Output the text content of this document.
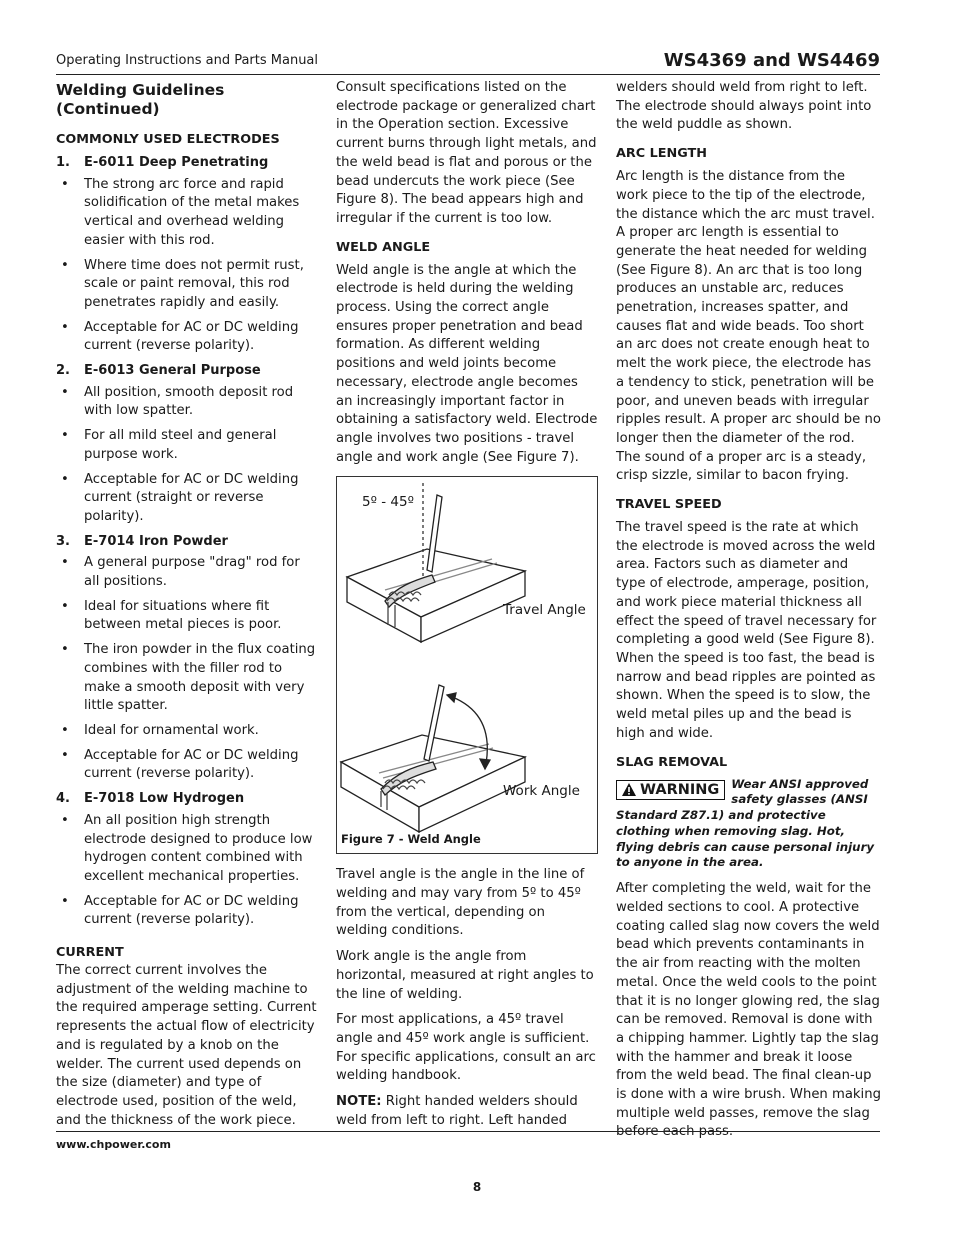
Operating Instructions and Parts Manual	WS4369 and WS4469
Welding Guidelines (Continued)
COMMONLY USED ELECTRODES
1.	E-6011 Deep Penetrating
• The strong arc force and rapid solidification of the metal makes vertical and overhead welding easier with this rod.
• Where time does not permit rust, scale or paint removal, this rod penetrates rapidly and easily.
• Acceptable for AC or DC welding current (reverse polarity).
2.	E-6013 General Purpose
• All position, smooth deposit rod with low spatter.
• For all mild steel and general purpose work.
• Acceptable for AC or DC welding current (straight or reverse polarity).
3.	E-7014 Iron Powder
• A general purpose "drag" rod for all positions.
• Ideal for situations where fit between metal pieces is poor.
• The iron powder in the flux coating combines with the filler rod to make a smooth deposit with very little spatter.
• Ideal for ornamental work.
• Acceptable for AC or DC welding current (reverse polarity).
4.	E-7018 Low Hydrogen
• An all position high strength electrode designed to produce low hydrogen content combined with excellent mechanical properties.
• Acceptable for AC or DC welding current (reverse polarity).
CURRENT

The correct current involves the adjustment of the welding machine to the required amperage setting. Current represents the actual flow of electricity and is regulated by a knob on the welder. The current used depends on the size (diameter) and type of electrode used, position of the weld, and the thickness of the work piece.

Consult specifications listed on the electrode package or generalized chart in the Operation section. Excessive current burns through light metals, and the weld bead is flat and porous or the bead undercuts the work piece (See Figure 8). The bead appears high and irregular if the current is too low.

WELD ANGLE

Weld angle is the angle at which the electrode is held during the welding process. Using the correct angle ensures proper penetration and bead formation. As different welding positions and weld joints become necessary, electrode angle becomes an increasingly important factor in obtaining a satisfactory weld. Electrode angle involves two positions - travel angle and work angle (See Figure 7).

5º - 45º
Travel Angle
Work Angle
Figure 7 - Weld Angle

Travel angle is the angle in the line of welding and may vary from 5º to 45º from the vertical, depending on welding conditions.

Work angle is the angle from horizontal, measured at right angles to the line of welding.

For most applications, a 45º travel angle and 45º work angle is sufficient. For specific applications, consult an arc welding handbook.

NOTE: Right handed welders should weld from left to right. Left handed

welders should weld from right to left. The electrode should always point into the weld puddle as shown.

ARC LENGTH

Arc length is the distance from the work piece to the tip of the electrode, the distance which the arc must travel. A proper arc length is essential to generate the heat needed for welding (See Figure 8). An arc that is too long produces an unstable arc, reduces penetration, increases spatter, and causes flat and wide beads. Too short an arc does not create enough heat to melt the work piece, the electrode has a tendency to stick, penetration will be poor, and uneven beads with irregular ripples result. A proper arc should be no longer then the diameter of the rod. The sound of a proper arc is a steady, crisp sizzle, similar to bacon frying.

TRAVEL SPEED

The travel speed is the rate at which the electrode is moved across the weld area. Factors such as diameter and type of electrode, amperage, position, and work piece material thickness all effect the speed of travel necessary for completing a good weld (See Figure 8). When the speed is too fast, the bead is narrow and bead ripples are pointed as shown. When the speed is to slow, the weld metal piles up and the bead is high and wide.

SLAG REMOVAL
WARNING Wear ANSI approved safety glasses (ANSI Standard Z87.1) and protective clothing when removing slag. Hot, flying debris can cause personal injury to anyone in the area.

After completing the weld, wait for the welded sections to cool. A protective coating called slag now covers the weld bead which prevents contaminants in the air from reacting with the molten metal. Once the weld cools to the point that it is no longer glowing red, the slag can be removed. Removal is done with a chipping hammer. Lightly tap the slag with the hammer and break it loose from the weld bead. The final clean-up is done with a wire brush. When making multiple weld passes, remove the slag before each pass.

www.chpower.com
8
